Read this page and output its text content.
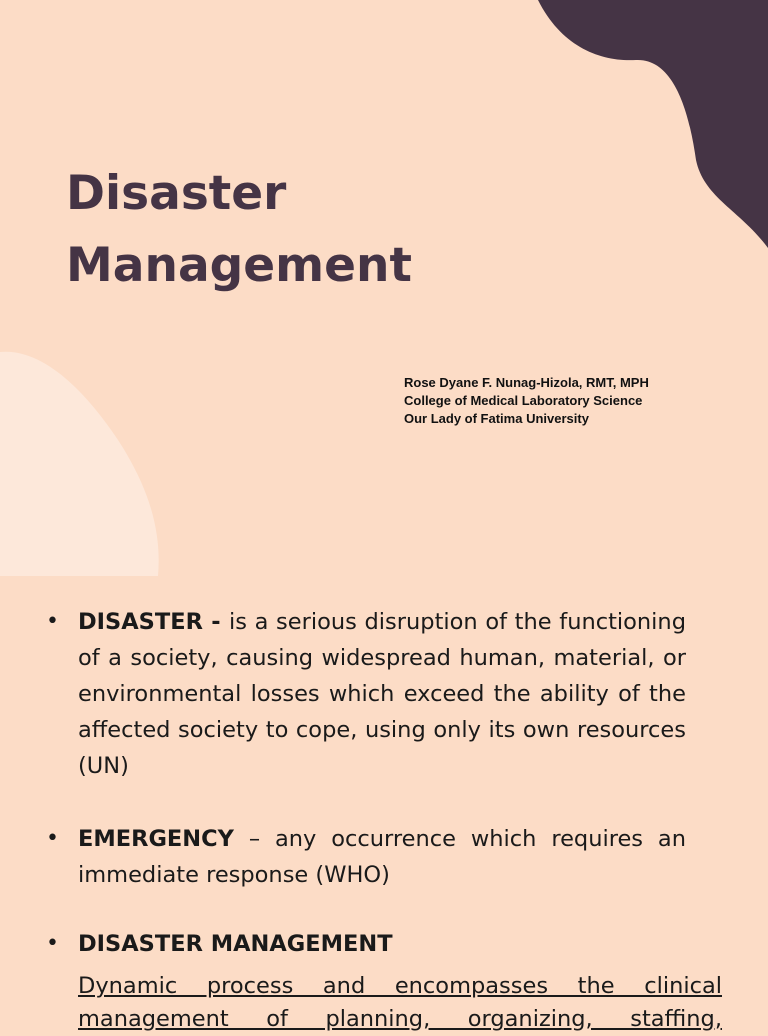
Disaster
Management
Rose Dyane F. Nunag-Hizola, RMT, MPH
College of Medical Laboratory Science
Our Lady of Fatima University
• DISASTER - is a serious disruption of the functioning of a society, causing widespread human, material, or environmental losses which exceed the ability of the affected society to cope, using only its own resources (UN)
• EMERGENCY – any occurrence which requires an immediate response (WHO)
• DISASTER MANAGEMENT
Dynamic process and encompasses the clinical management of planning, organizing, staffing,
